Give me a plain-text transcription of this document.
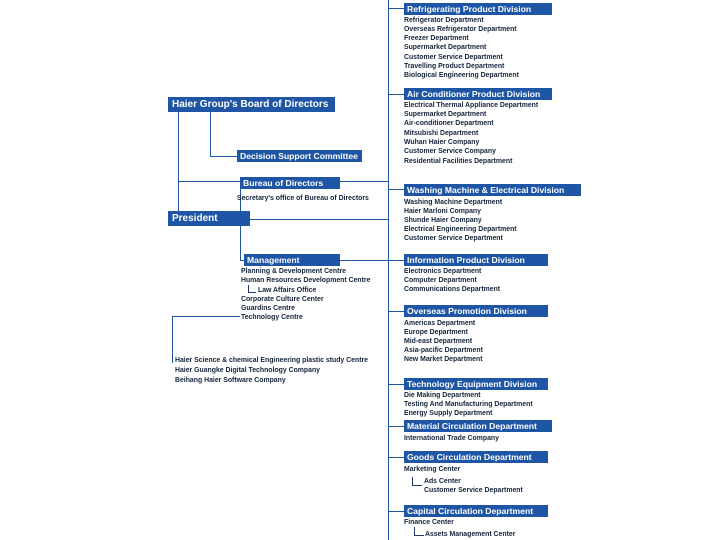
Haier Group's Board of Directors
Decision Support Committee
Bureau of Directors
Secretary's office of Bureau of Directors
President
Management
Planning & Development Centre
Human Resources Development Centre
Law Affairs Office
Corporate Culture Center
Guardins Centre
Technology Centre
Haier Science & chemical Engineering plastic study Centre
Haier Guangke Digital Technology Company
Beihang Haier Software Company
Refrigerating Product Division
Refrigerator Department
Overseas Refrigerator Department
Freezer Department
Supermarket Department
Customer Service Department
Travelling Product Department
Biological Engineering Department
Air Conditioner Product Division
Electrical Thermal Appliance Department
Supermarket Department
Air-conditioner Department
Mitsubishi Department
Wuhan Haier Company
Customer Service Company
Residential Facilities Department
Washing Machine & Electrical Division
Washing Machine Department
Haier Marloni Company
Shunde Haier Company
Electrical Engineering Department
Customer Service Department
Information Product Division
Electronics Department
Computer Department
Communications Department
Overseas Promotion Division
Americas Department
Europe Department
Mid-east Department
Asia-pacific Department
New Market Department
Technology Equipment Division
Die Making Department
Testing And Manufacturing Department
Energy Supply Department
Material Circulation Department
International Trade Company
Goods Circulation Department
Marketing Center
Ads Center
Customer Service Department
Capital Circulation Department
Finance Center
Assets Management Center
